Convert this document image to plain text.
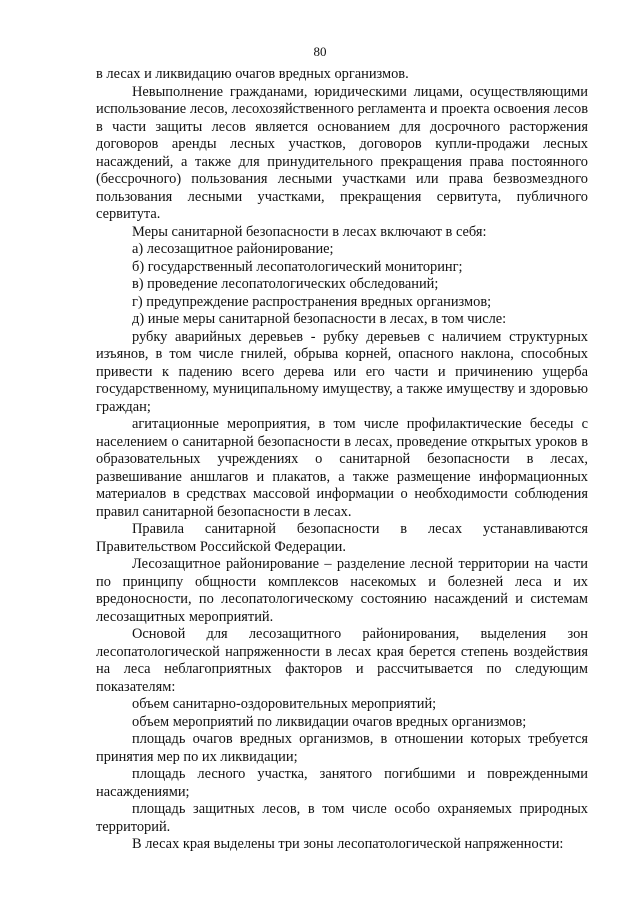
80

в лесах и ликвидацию очагов вредных организмов.

Невыполнение гражданами, юридическими лицами, осуществляющими использование лесов, лесохозяйственного регламента и проекта освоения лесов в части защиты лесов является основанием для досрочного расторжения договоров аренды лесных участков, договоров купли-продажи лесных насаждений, а также для принудительного прекращения права постоянного (бессрочного) пользования лесными участками или права безвозмездного пользования лесными участками, прекращения сервитута, публичного сервитута.

Меры санитарной безопасности в лесах включают в себя:

а) лесозащитное районирование;

б) государственный лесопатологический мониторинг;

в) проведение лесопатологических обследований;

г) предупреждение распространения вредных организмов;

д) иные меры санитарной безопасности в лесах, в том числе:

рубку аварийных деревьев - рубку деревьев с наличием структурных изъянов, в том числе гнилей, обрыва корней, опасного наклона, способных привести к падению всего дерева или его части и причинению ущерба государственному, муниципальному имуществу, а также имуществу и здоровью граждан;

агитационные мероприятия, в том числе профилактические беседы с населением о санитарной безопасности в лесах, проведение открытых уроков в образовательных учреждениях о санитарной безопасности в лесах, развешивание аншлагов и плакатов, а также размещение информационных материалов в средствах массовой информации о необходимости соблюдения правил санитарной безопасности в лесах.

Правила санитарной безопасности в лесах устанавливаются Правительством Российской Федерации.

Лесозащитное районирование – разделение лесной территории на части по принципу общности комплексов насекомых и болезней леса и их вредоносности, по лесопатологическому состоянию насаждений и системам лесозащитных мероприятий.

Основой для лесозащитного районирования, выделения зон лесопатологической напряженности в лесах края берется степень воздействия на леса неблагоприятных факторов и рассчитывается по следующим показателям:

объем санитарно-оздоровительных мероприятий;

объем мероприятий по ликвидации очагов вредных организмов;

площадь очагов вредных организмов, в отношении которых требуется принятия мер по их ликвидации;

площадь лесного участка, занятого погибшими и поврежденными насаждениями;

площадь защитных лесов, в том числе особо охраняемых природных территорий.

В лесах края выделены три зоны лесопатологической напряженности:
